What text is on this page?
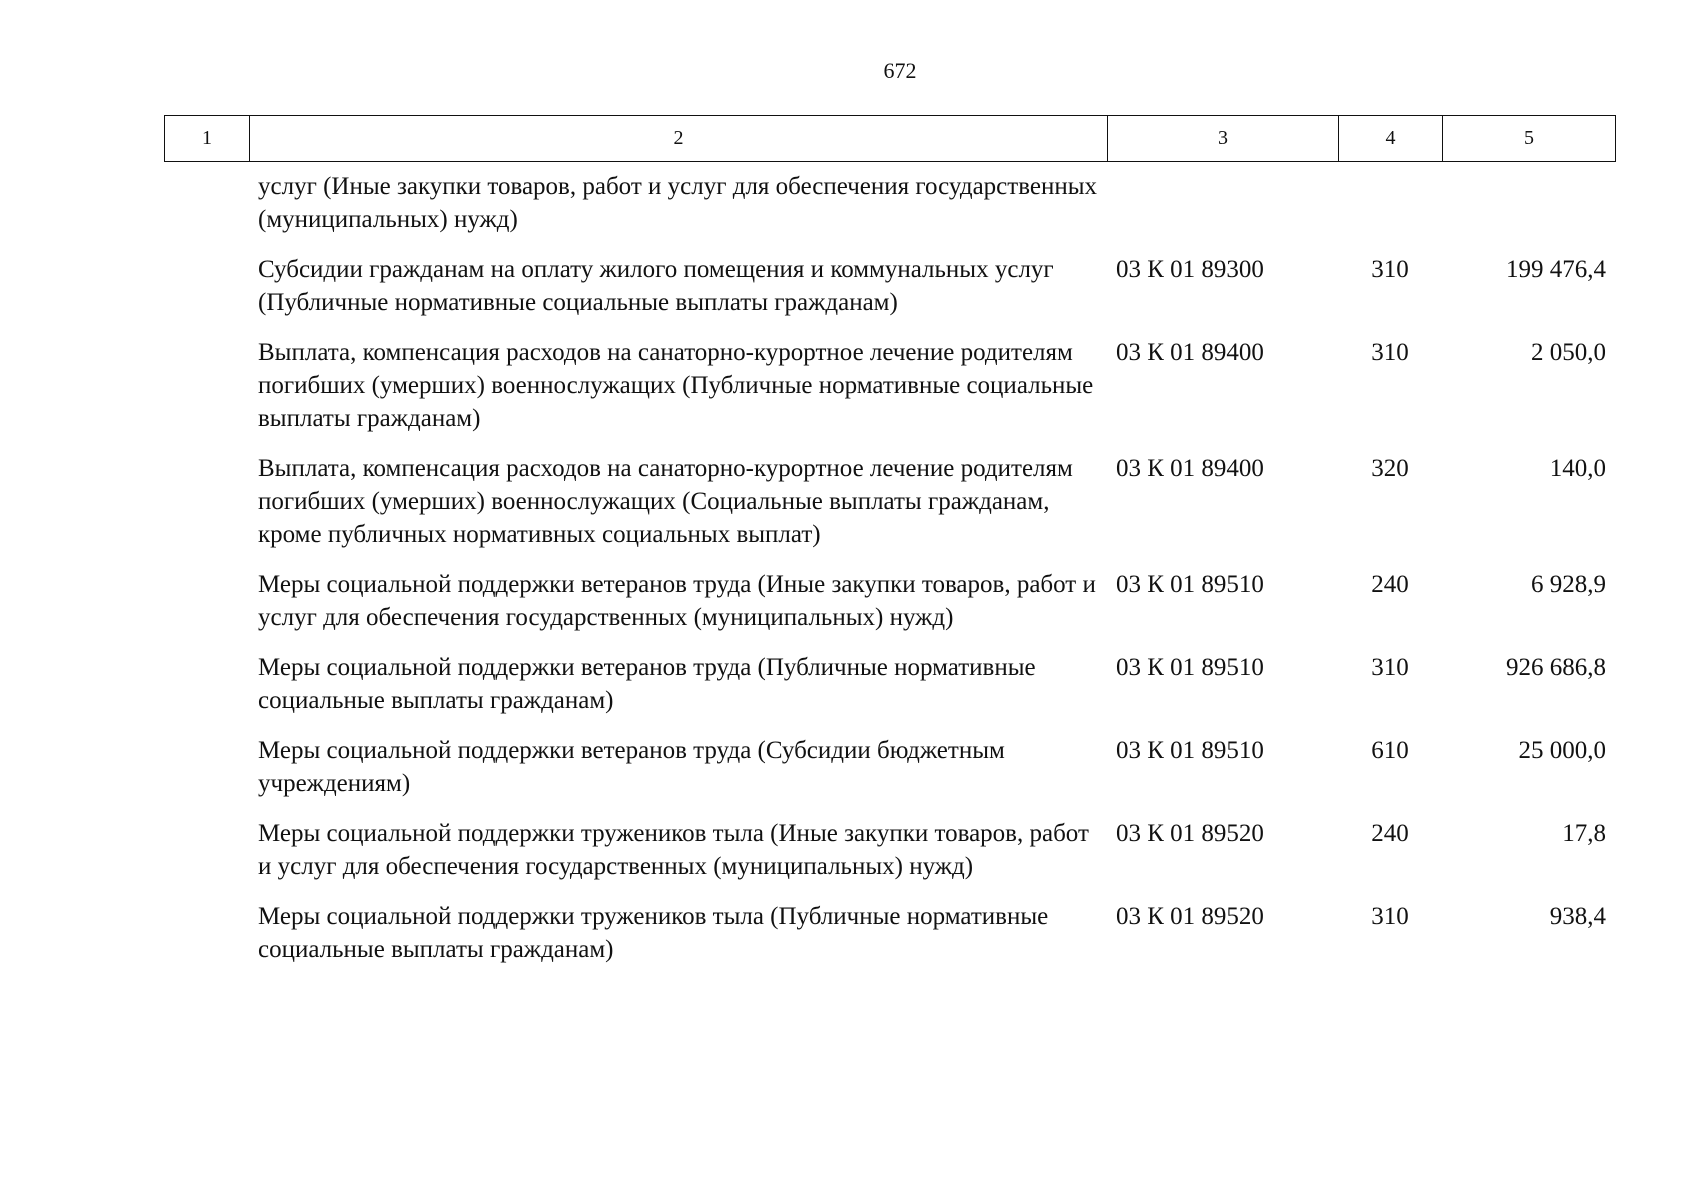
672
1	2	3	4	5
	услуг (Иные закупки товаров, работ и услуг для обеспечения государственных (муниципальных) нужд)			
	Субсидии гражданам на оплату жилого помещения и коммунальных услуг (Публичные нормативные социальные выплаты гражданам)	03 К 01 89300	310	199 476,4
	Выплата, компенсация расходов на санаторно-курортное лечение родителям погибших (умерших) военнослужащих (Публичные нормативные социальные выплаты гражданам)	03 К 01 89400	310	2 050,0
	Выплата, компенсация расходов на санаторно-курортное лечение родителям погибших (умерших) военнослужащих (Социальные выплаты гражданам, кроме публичных нормативных социальных выплат)	03 К 01 89400	320	140,0
	Меры социальной поддержки ветеранов труда (Иные закупки товаров, работ и услуг для обеспечения государственных (муниципальных) нужд)	03 К 01 89510	240	6 928,9
	Меры социальной поддержки ветеранов труда (Публичные нормативные социальные выплаты гражданам)	03 К 01 89510	310	926 686,8
	Меры социальной поддержки ветеранов труда (Субсидии бюджетным учреждениям)	03 К 01 89510	610	25 000,0
	Меры социальной поддержки тружеников тыла (Иные закупки товаров, работ и услуг для обеспечения государственных (муниципальных) нужд)	03 К 01 89520	240	17,8
	Меры социальной поддержки тружеников тыла (Публичные нормативные социальные выплаты гражданам)	03 К 01 89520	310	938,4
